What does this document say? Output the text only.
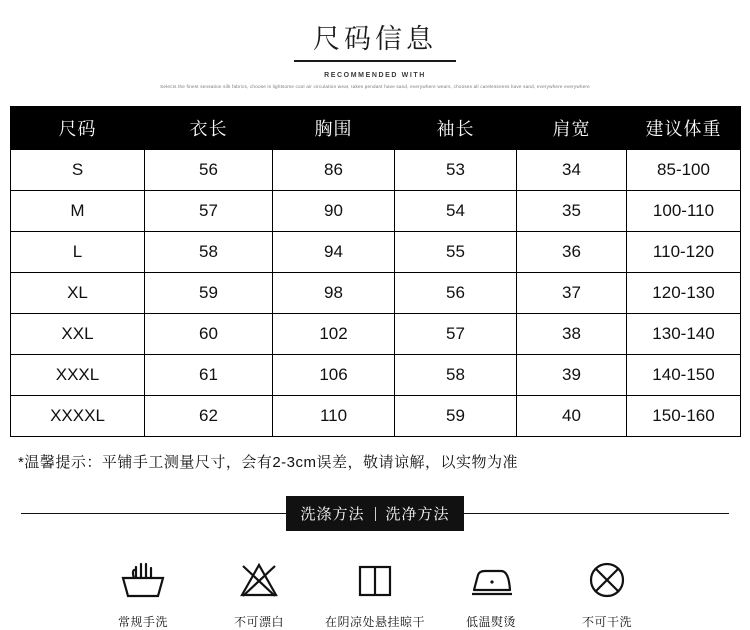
尺码信息
RECOMMENDED WITH
Selects the finest sensation silk fabrics, choose is lightsome cool air circulation wear, takes pendant have sand, everywhere wears, chooses all carelessness have sand, everywhere everywhere
尺码	衣长	胸围	袖长	肩宽	建议体重
S	56	86	53	34	85-100
M	57	90	54	35	100-110
L	58	94	55	36	110-120
XL	59	98	56	37	120-130
XXL	60	102	57	38	130-140
XXXL	61	106	58	39	140-150
XXXXL	62	110	59	40	150-160
*温馨提示：平铺手工测量尺寸，会有2-3cm误差，敬请谅解，以实物为准
洗涤方法 洗净方法
常规手洗	不可漂白	在阴凉处悬挂晾干	低温熨烫	不可干洗
